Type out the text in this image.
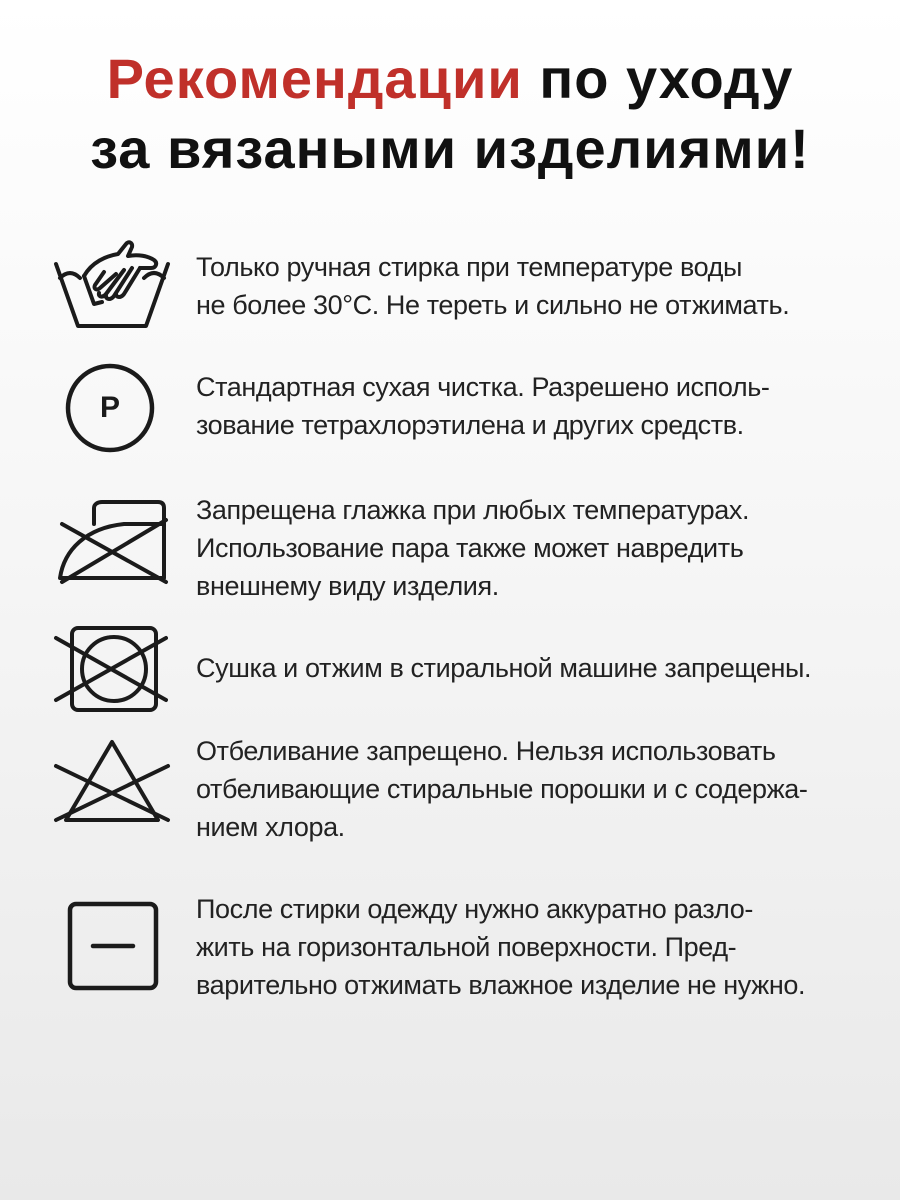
Рекомендации по уходу
за вязаными изделиями!
Только ручная стирка при температуре воды
не более 30°С. Не тереть и сильно не отжимать.
P
Стандартная сухая чистка. Разрешено исполь-
зование тетрахлорэтилена и других средств.
Запрещена глажка при любых температурах.
Использование пара также может навредить
внешнему виду изделия.
Сушка и отжим в стиральной машине запрещены.
Отбеливание запрещено. Нельзя использовать
отбеливающие стиральные порошки и с содержа-
нием хлора.
После стирки одежду нужно аккуратно разло-
жить на горизонтальной поверхности. Пред-
варительно отжимать влажное изделие не нужно.
